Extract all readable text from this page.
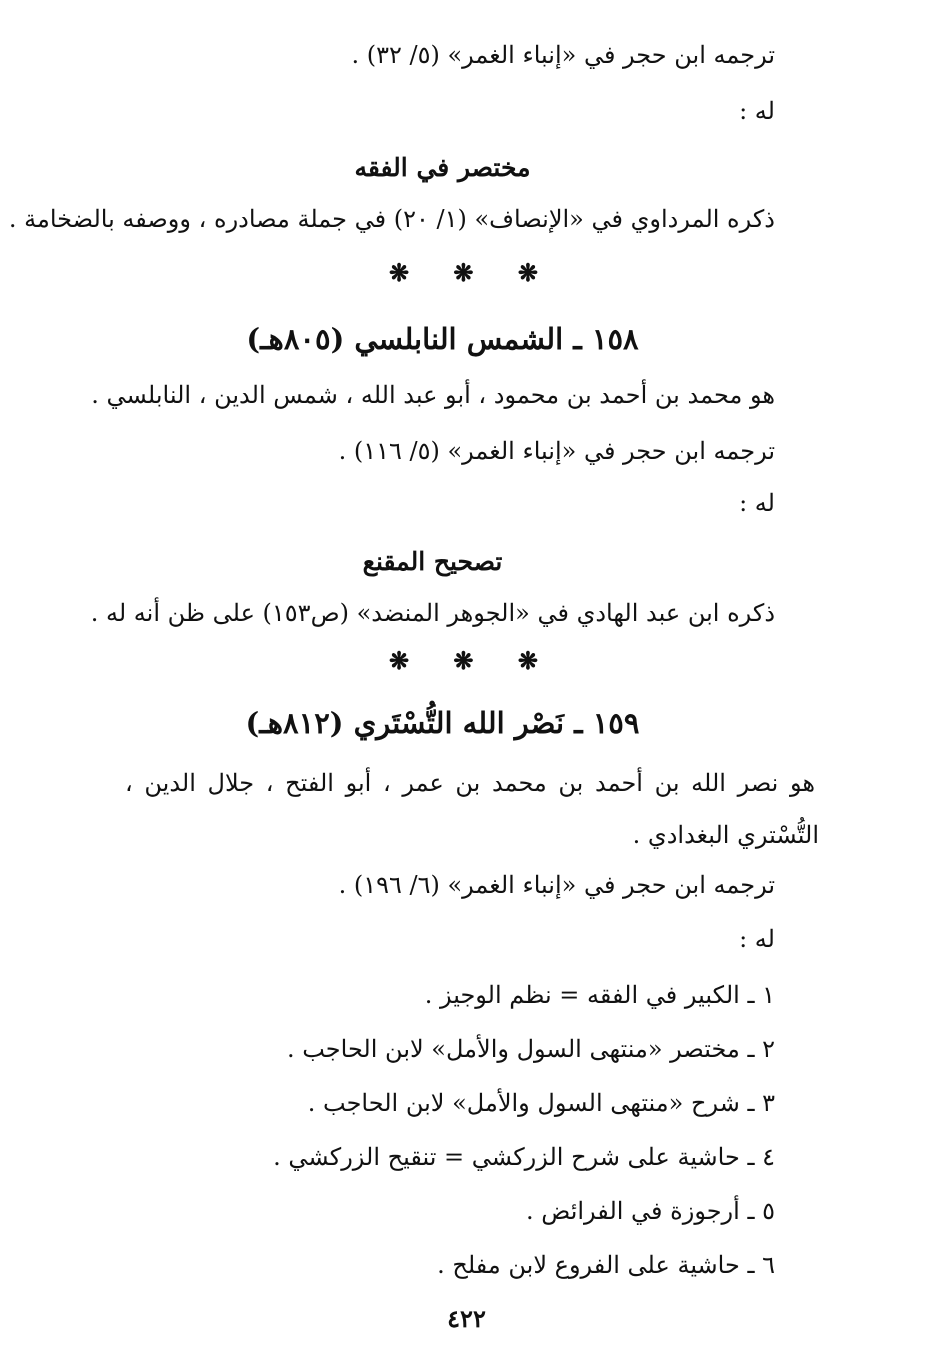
ترجمه ابن حجر في «إنباء الغمر» (٥/ ٣٢) .
له :
مختصر في الفقه
ذكره المرداوي في «الإنصاف» (١/ ٢٠) في جملة مصادره ، ووصفه بالضخامة .
❋ ❋ ❋
١٥٨ ـ الشمس النابلسي (٨٠٥هـ)
هو محمد بن أحمد بن محمود ، أبو عبد الله ، شمس الدين ، النابلسي .
ترجمه ابن حجر في «إنباء الغمر» (٥/ ١١٦) .
له :
تصحيح المقنع
ذكره ابن عبد الهادي في «الجوهر المنضد» (ص١٥٣) على ظن أنه له .
❋ ❋ ❋
١٥٩ ـ نَصْر الله التُّسْتَري (٨١٢هـ)
هو نصر الله بن أحمد بن محمد بن عمر ، أبو الفتح ، جلال الدين ،
التُّسْتري البغدادي .
ترجمه ابن حجر في «إنباء الغمر» (٦/ ١٩٦) .
له :
١ ـ الكبير في الفقه = نظم الوجيز .
٢ ـ مختصر «منتهى السول والأمل» لابن الحاجب .
٣ ـ شرح «منتهى السول والأمل» لابن الحاجب .
٤ ـ حاشية على شرح الزركشي = تنقيح الزركشي .
٥ ـ أرجوزة في الفرائض .
٦ ـ حاشية على الفروع لابن مفلح .
٤٢٢
